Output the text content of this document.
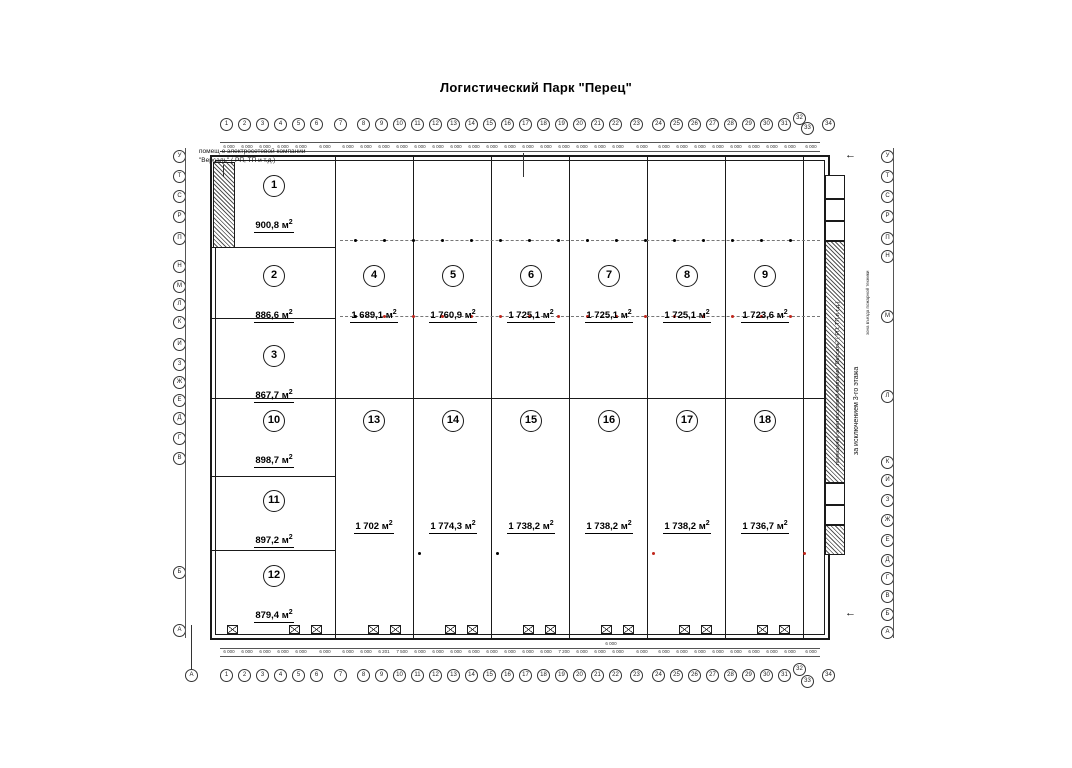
Логистический Парк "Перец"
1	2	3	4	5	6	7	8	9	10	11	12	13	14	15	16	17	18	19	20	21	22	23	24	25	26	27	28	29	30	31
32
33
34
6 000	6 000	6 000	6 000	6 000	6 000	6 000	6 000	6 000	6 000	6 000	6 000	6 000	6 000	6 000	6 000	6 000	6 000	6 000	6 000	6 000	6 000	6 000	6 000	6 000	6 000	6 000	6 000	6 000	6 000	6 000	6 000
У
Т
С
Р
П
Н
М
Л
К
И
З
Ж
Е
Д
Г
В
Б
А
У
Т
С
Р
П
Н
М
Л
К
И
З
Ж
Е
Д
Г
В
Б
А
зона въезда пожарной техники
1
900,8 $м^2$
2
886,6 $м^2$
3
867,7 $м^2$
4
1 689,1 $м^2$
5
1 760,9 $м^2$
6
1 725,1 $м^2$
7
1 725,1 $м^2$
8
1 725,1 $м^2$
9
1 723,6 $м^2$
10
898,7 $м^2$
11
897,2 $м^2$
12
879,4 $м^2$
13
1 702 $м^2$
14
1 774,3 $м^2$
15
1 738,2 $м^2$
16
1 738,2 $м^2$
17
1 738,2 $м^2$
18
1 736,7 $м^2$
помещение электросетевой компании "Версаль" ( РП, ТП и т.д.) за исключением 3-го этажа
помещ-е электросетевой компании
"Версаль" ( РП, ТП и т.д.)	←
←
6 000	6 000	6 000	6 000	6 000	6 000	6 000	6 000	6 201	7 500	6 000	6 000	6 000	6 000	6 000	6 000	6 000	6 000	7 200	6 000	6 000	6 000	6 000	6 000	6 000	6 000	6 000	6 000	6 000	6 000	6 000	6 000
6 000
1	2	3	4	5	6	7	8	9	10	11	12	13	14	15	16	17	18	19	20	21	22	23	24	25	26	27	28	29	30	31
32
33
34
А
